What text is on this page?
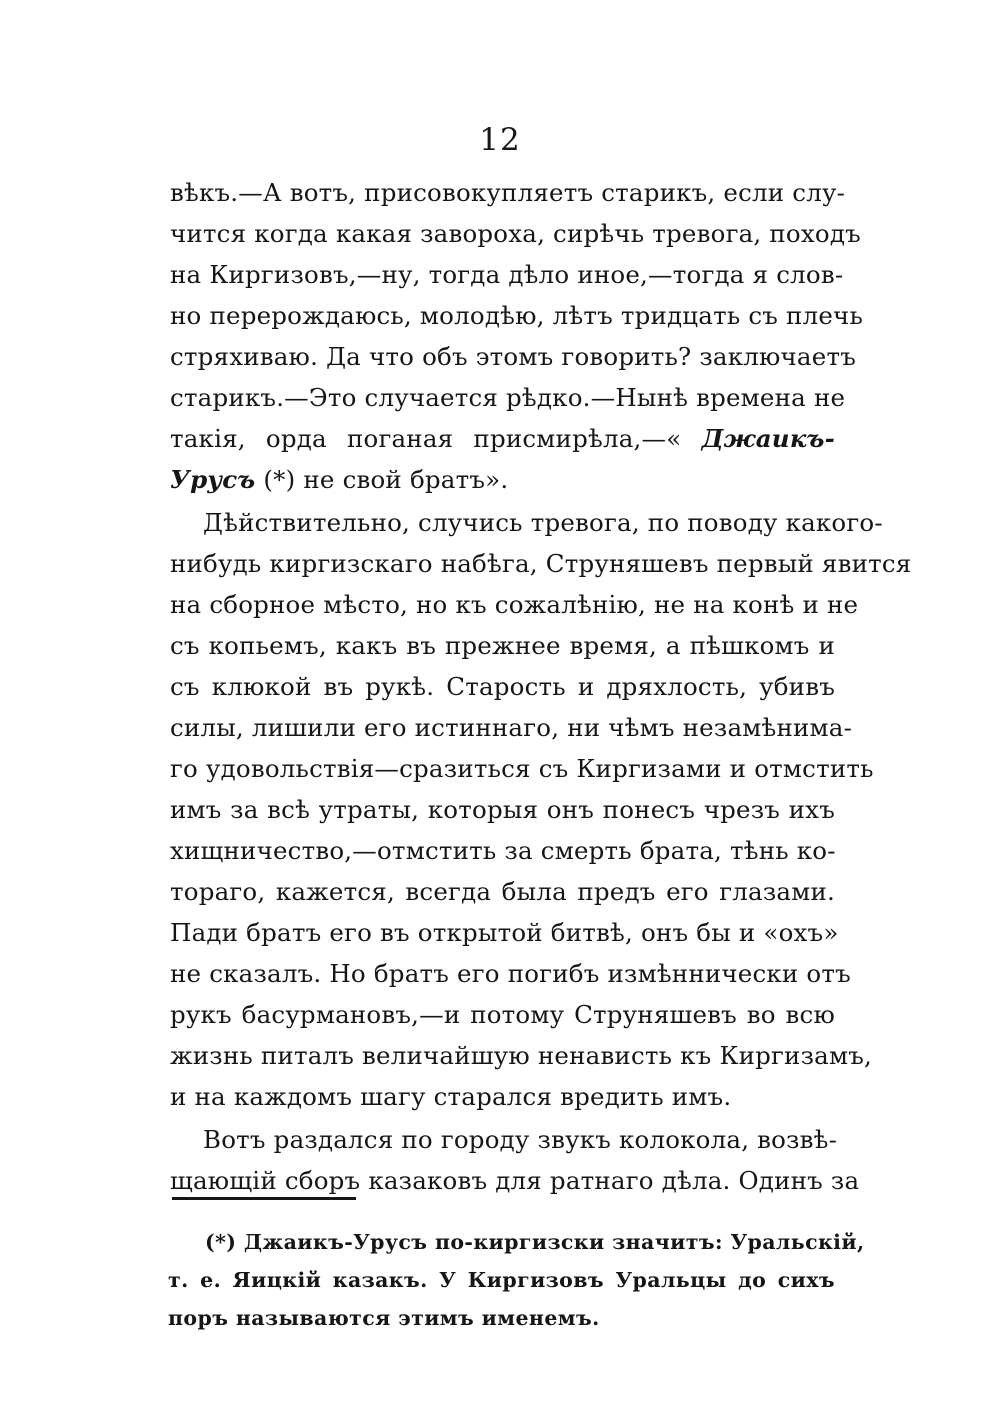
12
вѣкъ.—А вотъ, присовокупляетъ старикъ, если слу-
чится когда какая завороха, сирѣчь тревога, походъ
на Киргизовъ,—ну, тогда дѣло иное,—тогда я слов-
но перерождаюсь, молодѣю, лѣтъ тридцать съ плечь
стряхиваю. Да что объ этомъ говорить? заключаетъ
старикъ.—Это случается рѣдко.—Нынѣ времена не
такія, орда поганая присмирѣла,—« Джаикъ-
Урусъ (*) не свой братъ».
Дѣйствительно, случись тревога, по поводу какого-
нибудь киргизскаго набѣга, Струняшевъ первый явится
на сборное мѣсто, но къ сожалѣнію, не на конѣ и не
съ копьемъ, какъ въ прежнее время, а пѣшкомъ и
съ клюкой въ рукѣ. Старость и дряхлость, убивъ
силы, лишили его истиннаго, ни чѣмъ незамѣнима-
го удовольствія—сразиться съ Киргизами и отмстить
имъ за всѣ утраты, которыя онъ понесъ чрезъ ихъ
хищничество,—отмстить за смерть брата, тѣнь ко-
тораго, кажется, всегда была предъ его глазами.
Пади братъ его въ открытой битвѣ, онъ бы и «охъ»
не сказалъ. Но братъ его погибъ измѣннически отъ
рукъ басурмановъ,—и потому Струняшевъ во всю
жизнь питалъ величайшую ненависть къ Киргизамъ,
и на каждомъ шагу старался вредить имъ.
Вотъ раздался по городу звукъ колокола, возвѣ-
щающій сборъ казаковъ для ратнаго дѣла. Одинъ за
(*) Джаикъ-Урусъ по-киргизски значитъ: Уральскій,
т. е. Яицкій казакъ. У Киргизовъ Уральцы до сихъ
поръ называются этимъ именемъ.
